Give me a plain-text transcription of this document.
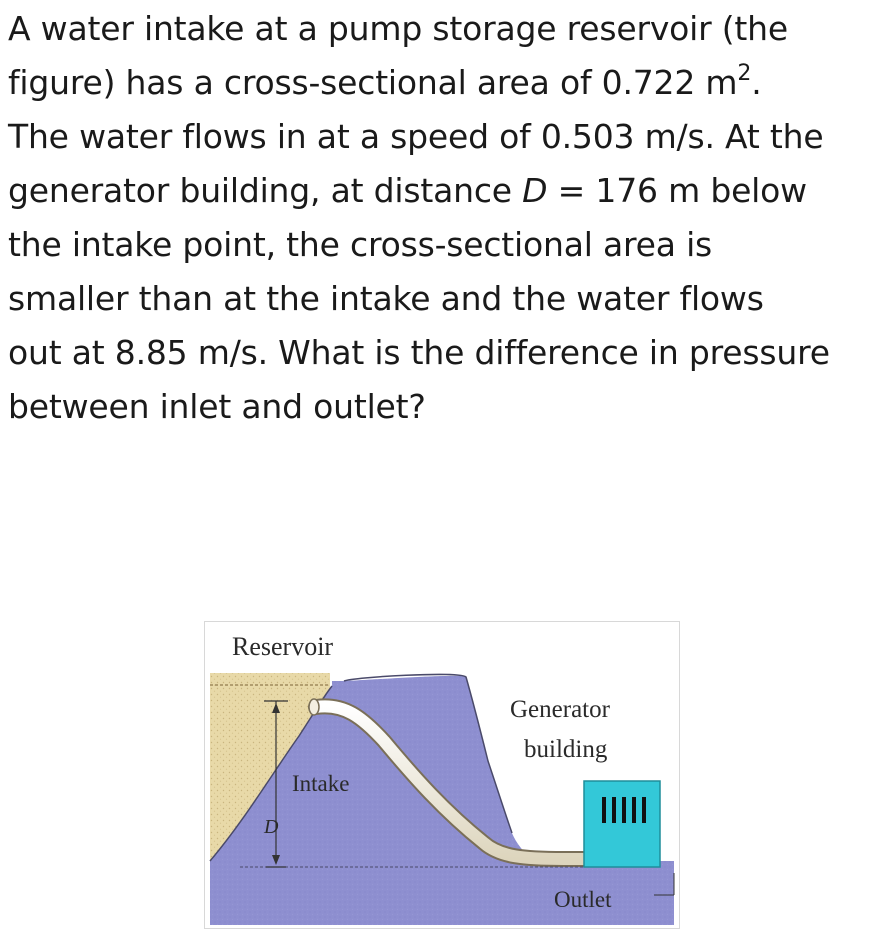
A water intake at a pump storage reservoir (the
figure) has a cross-sectional area of 0.722 $m^2$.
The water flows in at a speed of 0.503 m/s. At the
generator building, at distance D = 176 m below
the intake point, the cross-sectional area is
smaller than at the intake and the water flows
out at 8.85 m/s. What is the difference in pressure
between inlet and outlet?

Reservoir
Generator
building
Intake
D
Outlet
